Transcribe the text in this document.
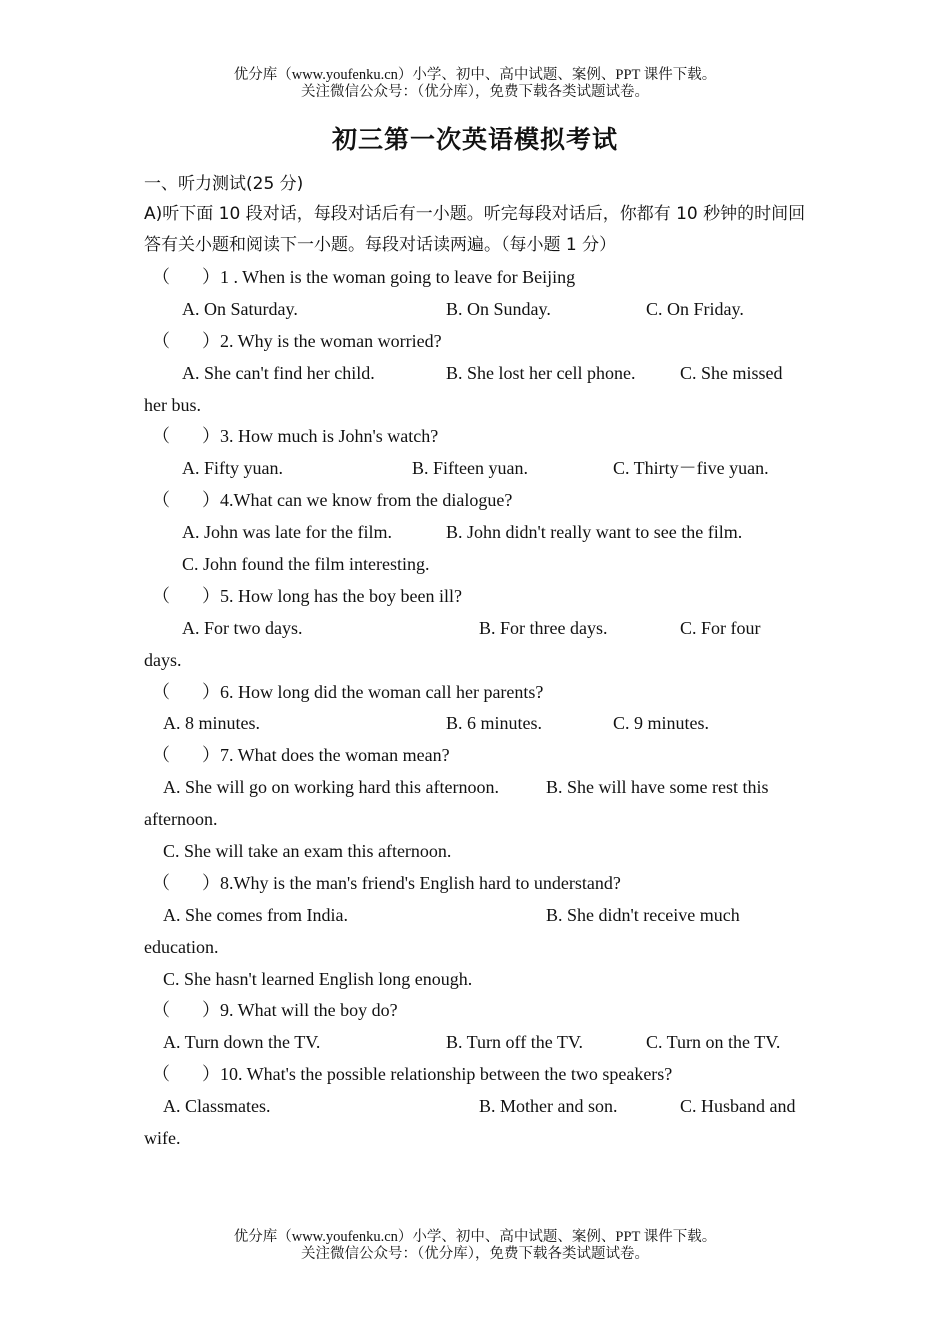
优分库（www.youfenku.cn）小学、初中、高中试题、案例、PPT 课件下载。
关注微信公众号：（优分库），免费下载各类试题试卷。
初三第一次英语模拟考试
一、听力测试(25 分)
A)听下面 10 段对话，每段对话后有一小题。听完每段对话后，你都有 10 秒钟的时间回答有关小题和阅读下一小题。每段对话读两遍。（每小题 1 分）
（ ） 1 . When is the woman going to leave for Beijing
A. On Saturday.	B. On Sunday.	C. On Friday.
（ ） 2. Why is the woman worried?
A. She can't find her child.	B. She lost her cell phone. C. She missed
her bus.
（ ） 3. How much is John's watch?
A. Fifty yuan.	B. Fifteen yuan.	C. Thirty－five yuan.
（ ） 4.What can we know from the dialogue?
A. John was late for the film.	B. John didn't really want to see the film.
C. John found the film interesting.
（ ） 5. How long has the boy been ill?
A. For two days.	B. For three days.	C. For four
days.
（ ） 6. How long did the woman call her parents?
A. 8 minutes.	B. 6 minutes.	C. 9 minutes.
（ ） 7. What does the woman mean?
A. She will go on working hard this afternoon.	B. She will have some rest this
afternoon.
C. She will take an exam this afternoon.
（ ） 8.Why is the man's friend's English hard to understand?
A. She comes from India.	B. She didn't receive much
education.
C. She hasn't learned English long enough.
（ ） 9. What will the boy do?
A. Turn down the TV.	B. Turn off the TV.	C. Turn on the TV.
（ ） 10. What's the possible relationship between the two speakers?
A. Classmates.	B. Mother and son.	C. Husband and
wife.
优分库（www.youfenku.cn）小学、初中、高中试题、案例、PPT 课件下载。
关注微信公众号：（优分库），免费下载各类试题试卷。
